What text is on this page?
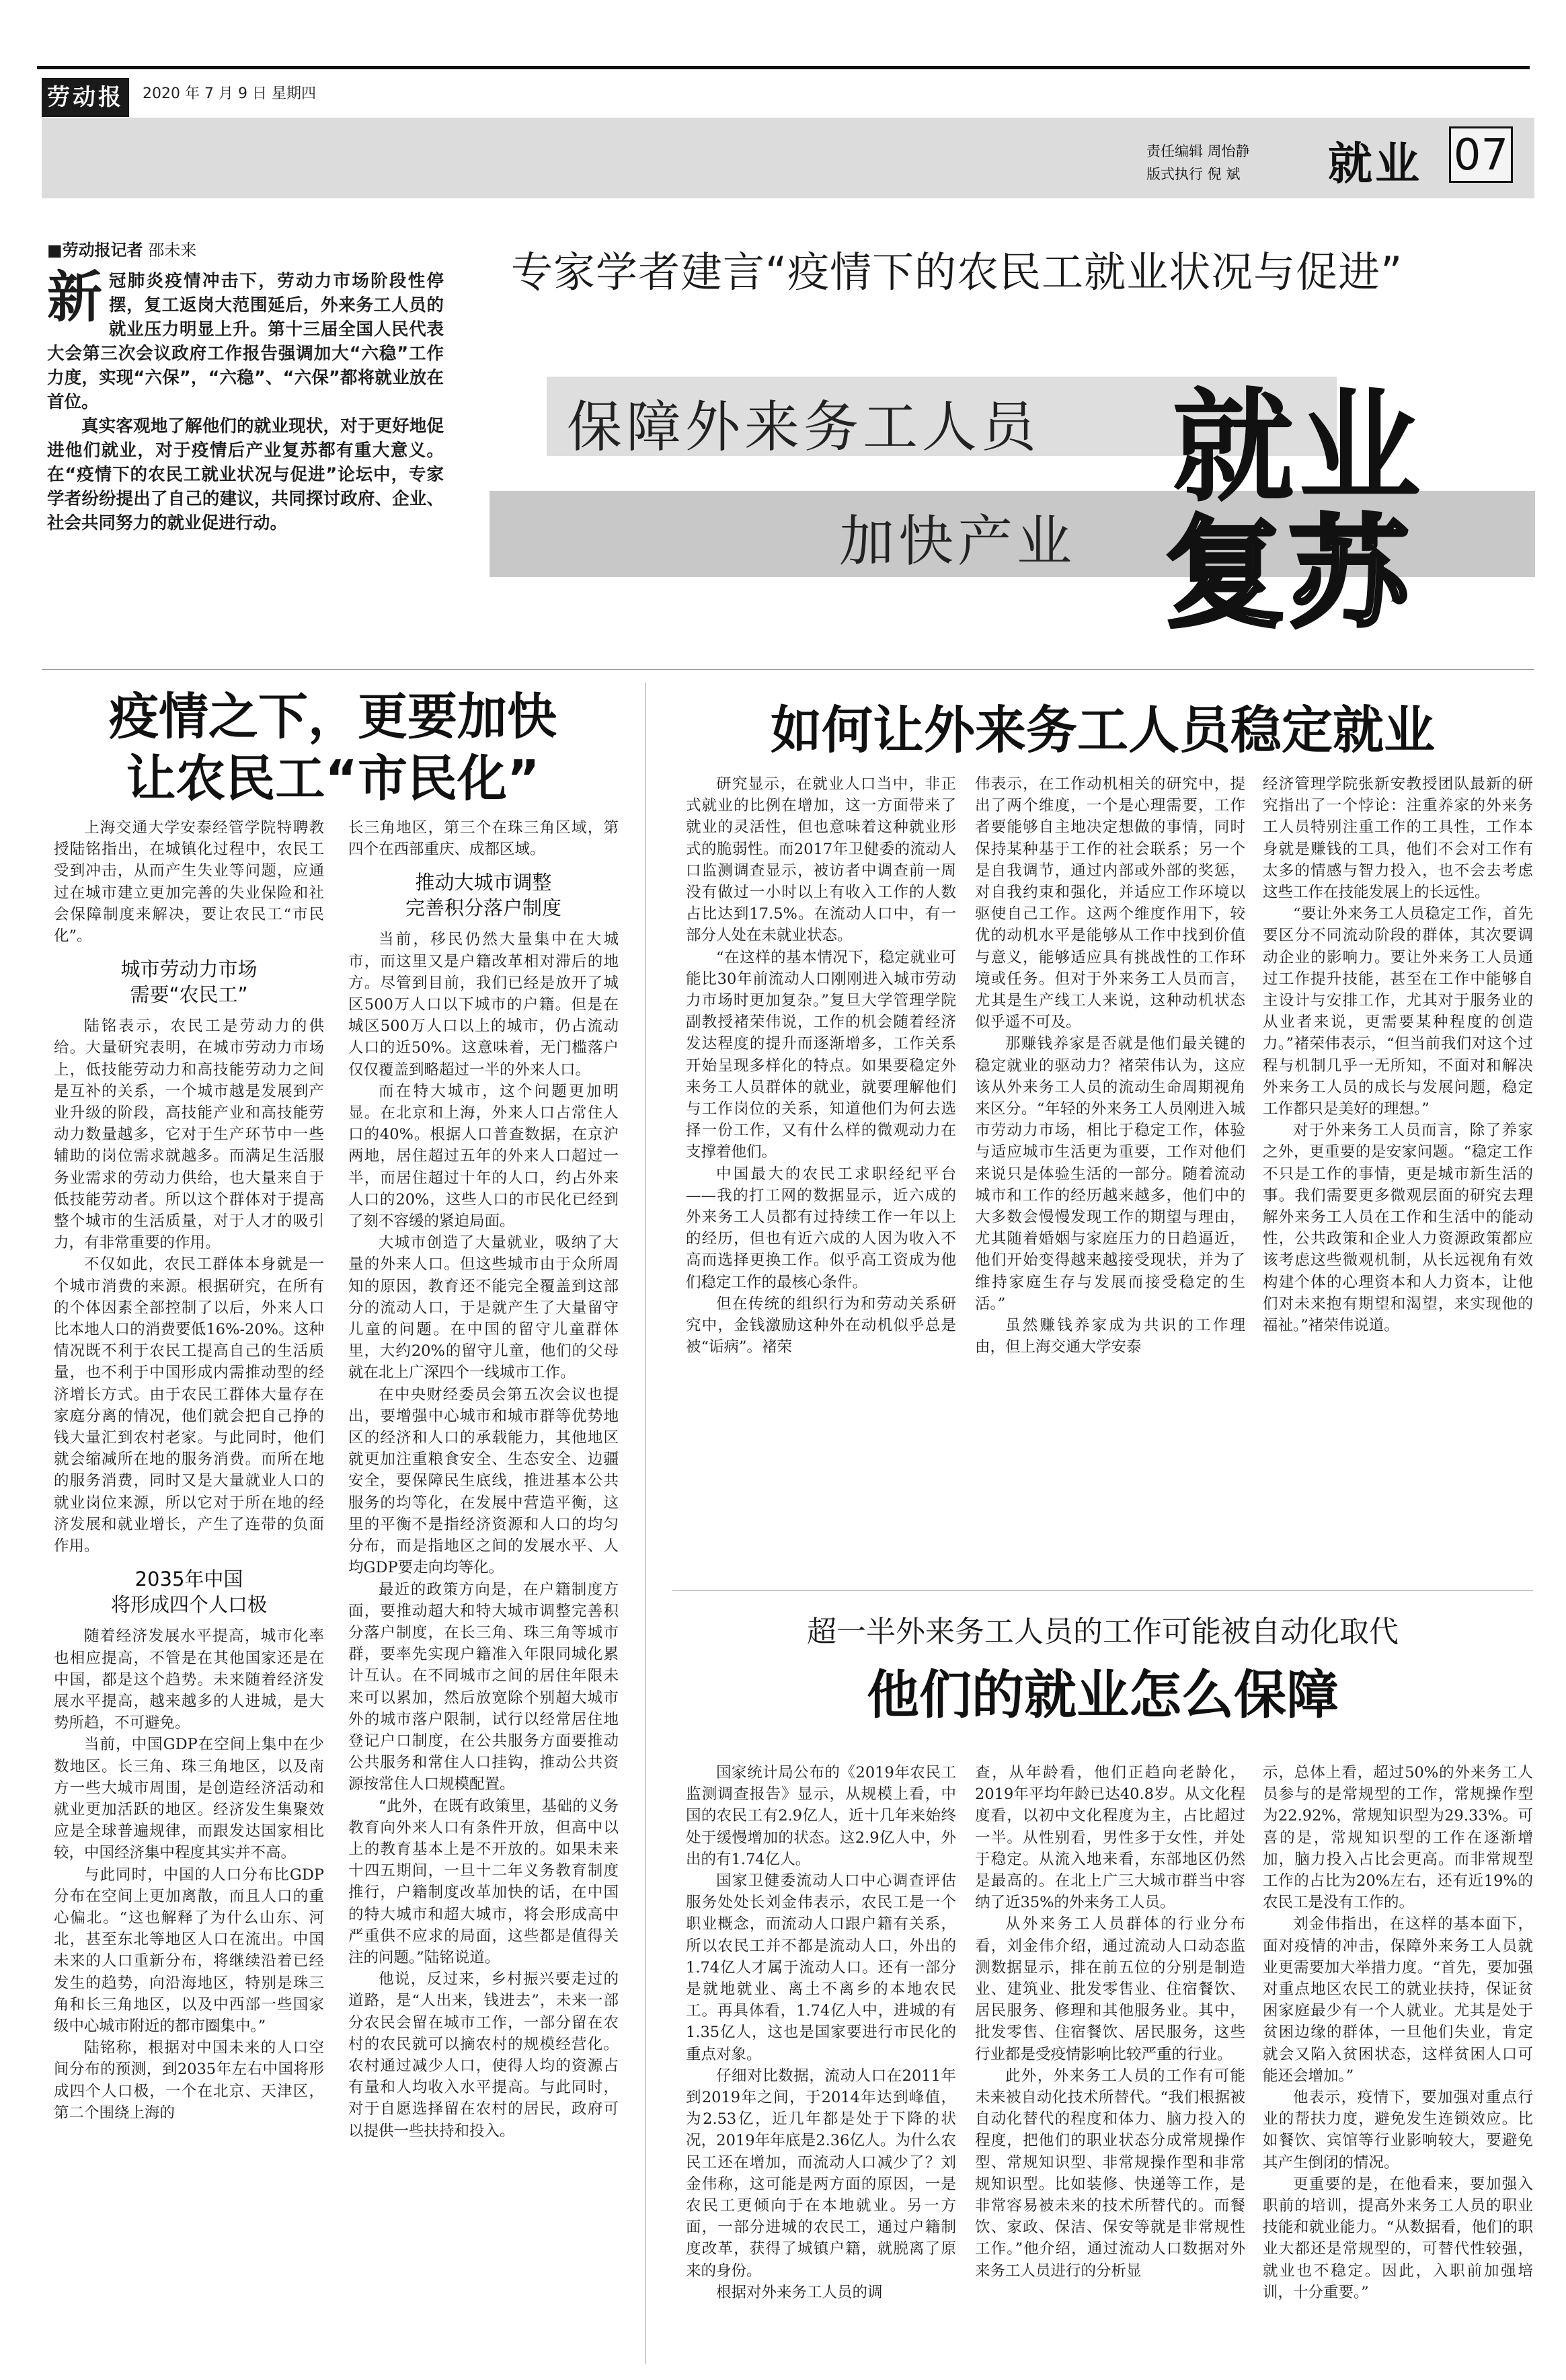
劳动报	2020 年 7 月 9 日 星期四
责任编辑 周怡静
版式执行 倪 斌 就业 07
■劳动报记者 邵未来

新冠肺炎疫情冲击下，劳动力市场阶段性停摆，复工返岗大范围延后，外来务工人员的就业压力明显上升。第十三届全国人民代表大会第三次会议政府工作报告强调加大“六稳”工作力度，实现“六保”，“六稳”、“六保”都将就业放在首位。

真实客观地了解他们的就业现状，对于更好地促进他们就业，对于疫情后产业复苏都有重大意义。在“疫情下的农民工就业状况与促进”论坛中，专家学者纷纷提出了自己的建议，共同探讨政府、企业、社会共同努力的就业促进行动。

专家学者建言“疫情下的农民工就业状况与促进”
保障外来务工人员 就业
加快产业 复苏
疫情之下，更要加快
让农民工“市民化”

上海交通大学安泰经管学院特聘教授陆铭指出，在城镇化过程中，农民工受到冲击，从而产生失业等问题，应通过在城市建立更加完善的失业保险和社会保障制度来解决，要让农民工“市民化”。

城市劳动力市场
需要“农民工”

陆铭表示，农民工是劳动力的供给。大量研究表明，在城市劳动力市场上，低技能劳动力和高技能劳动力之间是互补的关系，一个城市越是发展到产业升级的阶段，高技能产业和高技能劳动力数量越多，它对于生产环节中一些辅助的岗位需求就越多。而满足生活服务业需求的劳动力供给，也大量来自于低技能劳动者。所以这个群体对于提高整个城市的生活质量，对于人才的吸引力，有非常重要的作用。

不仅如此，农民工群体本身就是一个城市消费的来源。根据研究，在所有的个体因素全部控制了以后，外来人口比本地人口的消费要低16%-20%。这种情况既不利于农民工提高自己的生活质量，也不利于中国形成内需推动型的经济增长方式。由于农民工群体大量存在家庭分离的情况，他们就会把自己挣的钱大量汇到农村老家。与此同时，他们就会缩减所在地的服务消费。而所在地的服务消费，同时又是大量就业人口的就业岗位来源，所以它对于所在地的经济发展和就业增长，产生了连带的负面作用。

2035年中国
将形成四个人口极

随着经济发展水平提高，城市化率也相应提高，不管是在其他国家还是在中国，都是这个趋势。未来随着经济发展水平提高，越来越多的人进城，是大势所趋，不可避免。

当前，中国GDP在空间上集中在少数地区。长三角、珠三角地区，以及南方一些大城市周围，是创造经济活动和就业更加活跃的地区。经济发生集聚效应是全球普遍规律，而跟发达国家相比较，中国经济集中程度其实并不高。

与此同时，中国的人口分布比GDP分布在空间上更加离散，而且人口的重心偏北。“这也解释了为什么山东、河北，甚至东北等地区人口在流出。中国未来的人口重新分布，将继续沿着已经发生的趋势，向沿海地区，特别是珠三角和长三角地区，以及中西部一些国家级中心城市附近的都市圈集中。”

陆铭称，根据对中国未来的人口空间分布的预测，到2035年左右中国将形成四个人口极，一个在北京、天津区，第二个围绕上海的

长三角地区，第三个在珠三角区域，第四个在西部重庆、成都区域。

推动大城市调整
完善积分落户制度

当前，移民仍然大量集中在大城市，而这里又是户籍改革相对滞后的地方。尽管到目前，我们已经是放开了城区500万人口以下城市的户籍。但是在城区500万人口以上的城市，仍占流动人口的近50%。这意味着，无门槛落户仅仅覆盖到略超过一半的外来人口。

而在特大城市，这个问题更加明显。在北京和上海，外来人口占常住人口的40%。根据人口普查数据，在京沪两地，居住超过五年的外来人口超过一半，而居住超过十年的人口，约占外来人口的20%，这些人口的市民化已经到了刻不容缓的紧迫局面。

大城市创造了大量就业，吸纳了大量的外来人口。但这些城市由于众所周知的原因，教育还不能完全覆盖到这部分的流动人口，于是就产生了大量留守儿童的问题。在中国的留守儿童群体里，大约20%的留守儿童，他们的父母就在北上广深四个一线城市工作。

在中央财经委员会第五次会议也提出，要增强中心城市和城市群等优势地区的经济和人口的承载能力，其他地区就更加注重粮食安全、生态安全、边疆安全，要保障民生底线，推进基本公共服务的均等化，在发展中营造平衡，这里的平衡不是指经济资源和人口的均匀分布，而是指地区之间的发展水平、人均GDP要走向均等化。

最近的政策方向是，在户籍制度方面，要推动超大和特大城市调整完善积分落户制度，在长三角、珠三角等城市群，要率先实现户籍准入年限同城化累计互认。在不同城市之间的居住年限未来可以累加，然后放宽除个别超大城市外的城市落户限制，试行以经常居住地登记户口制度，在公共服务方面要推动公共服务和常住人口挂钩，推动公共资源按常住人口规模配置。

“此外，在既有政策里，基础的义务教育向外来人口有条件开放，但高中以上的教育基本上是不开放的。如果未来十四五期间，一旦十二年义务教育制度推行，户籍制度改革加快的话，在中国的特大城市和超大城市，将会形成高中严重供不应求的局面，这些都是值得关注的问题。”陆铭说道。

他说，反过来，乡村振兴要走过的道路，是“人出来，钱进去”，未来一部分农民会留在城市工作，一部分留在农村的农民就可以摘农村的规模经营化。农村通过减少人口，使得人均的资源占有量和人均收入水平提高。与此同时，对于自愿选择留在农村的居民，政府可以提供一些扶持和投入。

如何让外来务工人员稳定就业

研究显示，在就业人口当中，非正式就业的比例在增加，这一方面带来了就业的灵活性，但也意味着这种就业形式的脆弱性。而2017年卫健委的流动人口监测调查显示，被访者中调查前一周没有做过一小时以上有收入工作的人数占比达到17.5%。在流动人口中，有一部分人处在未就业状态。

“在这样的基本情况下，稳定就业可能比30年前流动人口刚刚进入城市劳动力市场时更加复杂。”复旦大学管理学院副教授褚荣伟说，工作的机会随着经济发达程度的提升而逐渐增多，工作关系开始呈现多样化的特点。如果要稳定外来务工人员群体的就业，就要理解他们与工作岗位的关系，知道他们为何去选择一份工作，又有什么样的微观动力在支撑着他们。

中国最大的农民工求职经纪平台——我的打工网的数据显示，近六成的外来务工人员都有过持续工作一年以上的经历，但也有近六成的人因为收入不高而选择更换工作。似乎高工资成为他们稳定工作的最核心条件。

但在传统的组织行为和劳动关系研究中，金钱激励这种外在动机似乎总是被“诟病”。褚荣

伟表示，在工作动机相关的研究中，提出了两个维度，一个是心理需要，工作者要能够自主地决定想做的事情，同时保持某种基于工作的社会联系；另一个是自我调节，通过内部或外部的奖惩，对自我约束和强化，并适应工作环境以驱使自己工作。这两个维度作用下，较优的动机水平是能够从工作中找到价值与意义，能够适应具有挑战性的工作环境或任务。但对于外来务工人员而言，尤其是生产线工人来说，这种动机状态似乎遥不可及。

那赚钱养家是否就是他们最关键的稳定就业的驱动力？褚荣伟认为，这应该从外来务工人员的流动生命周期视角来区分。“年轻的外来务工人员刚进入城市劳动力市场，相比于稳定工作，体验与适应城市生活更为重要，工作对他们来说只是体验生活的一部分。随着流动城市和工作的经历越来越多，他们中的大多数会慢慢发现工作的期望与理由，尤其随着婚姻与家庭压力的日趋逼近，他们开始变得越来越接受现状，并为了维持家庭生存与发展而接受稳定的生活。”

虽然赚钱养家成为共识的工作理由，但上海交通大学安泰

经济管理学院张新安教授团队最新的研究指出了一个悖论：注重养家的外来务工人员特别注重工作的工具性，工作本身就是赚钱的工具，他们不会对工作有太多的情感与智力投入，也不会去考虑这些工作在技能发展上的长远性。

“要让外来务工人员稳定工作，首先要区分不同流动阶段的群体，其次要调动企业的影响力。要让外来务工人员通过工作提升技能，甚至在工作中能够自主设计与安排工作，尤其对于服务业的从业者来说，更需要某种程度的创造力。”褚荣伟表示，“但当前我们对这个过程与机制几乎一无所知，不面对和解决外来务工人员的成长与发展问题，稳定工作都只是美好的理想。”

对于外来务工人员而言，除了养家之外，更重要的是安家问题。“稳定工作不只是工作的事情，更是城市新生活的事。我们需要更多微观层面的研究去理解外来务工人员在工作和生活中的能动性，公共政策和企业人力资源政策都应该考虑这些微观机制，从长远视角有效构建个体的心理资本和人力资本，让他们对未来抱有期望和渴望，来实现他的福祉。”褚荣伟说道。

超一半外来务工人员的工作可能被自动化取代
他们的就业怎么保障

国家统计局公布的《2019年农民工监测调查报告》显示，从规模上看，中国的农民工有2.9亿人，近十几年来始终处于缓慢增加的状态。这2.9亿人中，外出的有1.74亿人。

国家卫健委流动人口中心调查评估服务处处长刘金伟表示，农民工是一个职业概念，而流动人口跟户籍有关系，所以农民工并不都是流动人口，外出的1.74亿人才属于流动人口。还有一部分是就地就业、离土不离乡的本地农民工。再具体看，1.74亿人中，进城的有1.35亿人，这也是国家要进行市民化的重点对象。

仔细对比数据，流动人口在2011年到2019年之间，于2014年达到峰值，为2.53亿，近几年都是处于下降的状况，2019年年底是2.36亿人。为什么农民工还在增加，而流动人口减少了？刘金伟称，这可能是两方面的原因，一是农民工更倾向于在本地就业。另一方面，一部分进城的农民工，通过户籍制度改革，获得了城镇户籍，就脱离了原来的身份。

根据对外来务工人员的调

查，从年龄看，他们正趋向老龄化，2019年平均年龄已达40.8岁。从文化程度看，以初中文化程度为主，占比超过一半。从性别看，男性多于女性，并处于稳定。从流入地来看，东部地区仍然是最高的。在北上广三大城市群当中容纳了近35%的外来务工人员。

从外来务工人员群体的行业分布看，刘金伟介绍，通过流动人口动态监测数据显示，排在前五位的分别是制造业、建筑业、批发零售业、住宿餐饮、居民服务、修理和其他服务业。其中，批发零售、住宿餐饮、居民服务，这些行业都是受疫情影响比较严重的行业。

此外，外来务工人员的工作有可能未来被自动化技术所替代。“我们根据被自动化替代的程度和体力、脑力投入的程度，把他们的职业状态分成常规操作型、常规知识型、非常规操作型和非常规知识型。比如装修、快递等工作，是非常容易被未来的技术所替代的。而餐饮、家政、保洁、保安等就是非常规性工作。”他介绍，通过流动人口数据对外来务工人员进行的分析显

示，总体上看，超过50%的外来务工人员参与的是常规型的工作，常规操作型为22.92%，常规知识型为29.33%。可喜的是，常规知识型的工作在逐渐增加，脑力投入占比会更高。而非常规型工作的占比为20%左右，还有近19%的农民工是没有工作的。

刘金伟指出，在这样的基本面下，面对疫情的冲击，保障外来务工人员就业更需要加大举措力度。“首先，要加强对重点地区农民工的就业扶持，保证贫困家庭最少有一个人就业。尤其是处于贫困边缘的群体，一旦他们失业，肯定就会又陷入贫困状态，这样贫困人口可能还会增加。”

他表示，疫情下，要加强对重点行业的帮扶力度，避免发生连锁效应。比如餐饮、宾馆等行业影响较大，要避免其产生倒闭的情况。

更重要的是，在他看来，要加强入职前的培训，提高外来务工人员的职业技能和就业能力。“从数据看，他们的职业大都还是常规型的，可替代性较强，就业也不稳定。因此，入职前加强培训，十分重要。”
